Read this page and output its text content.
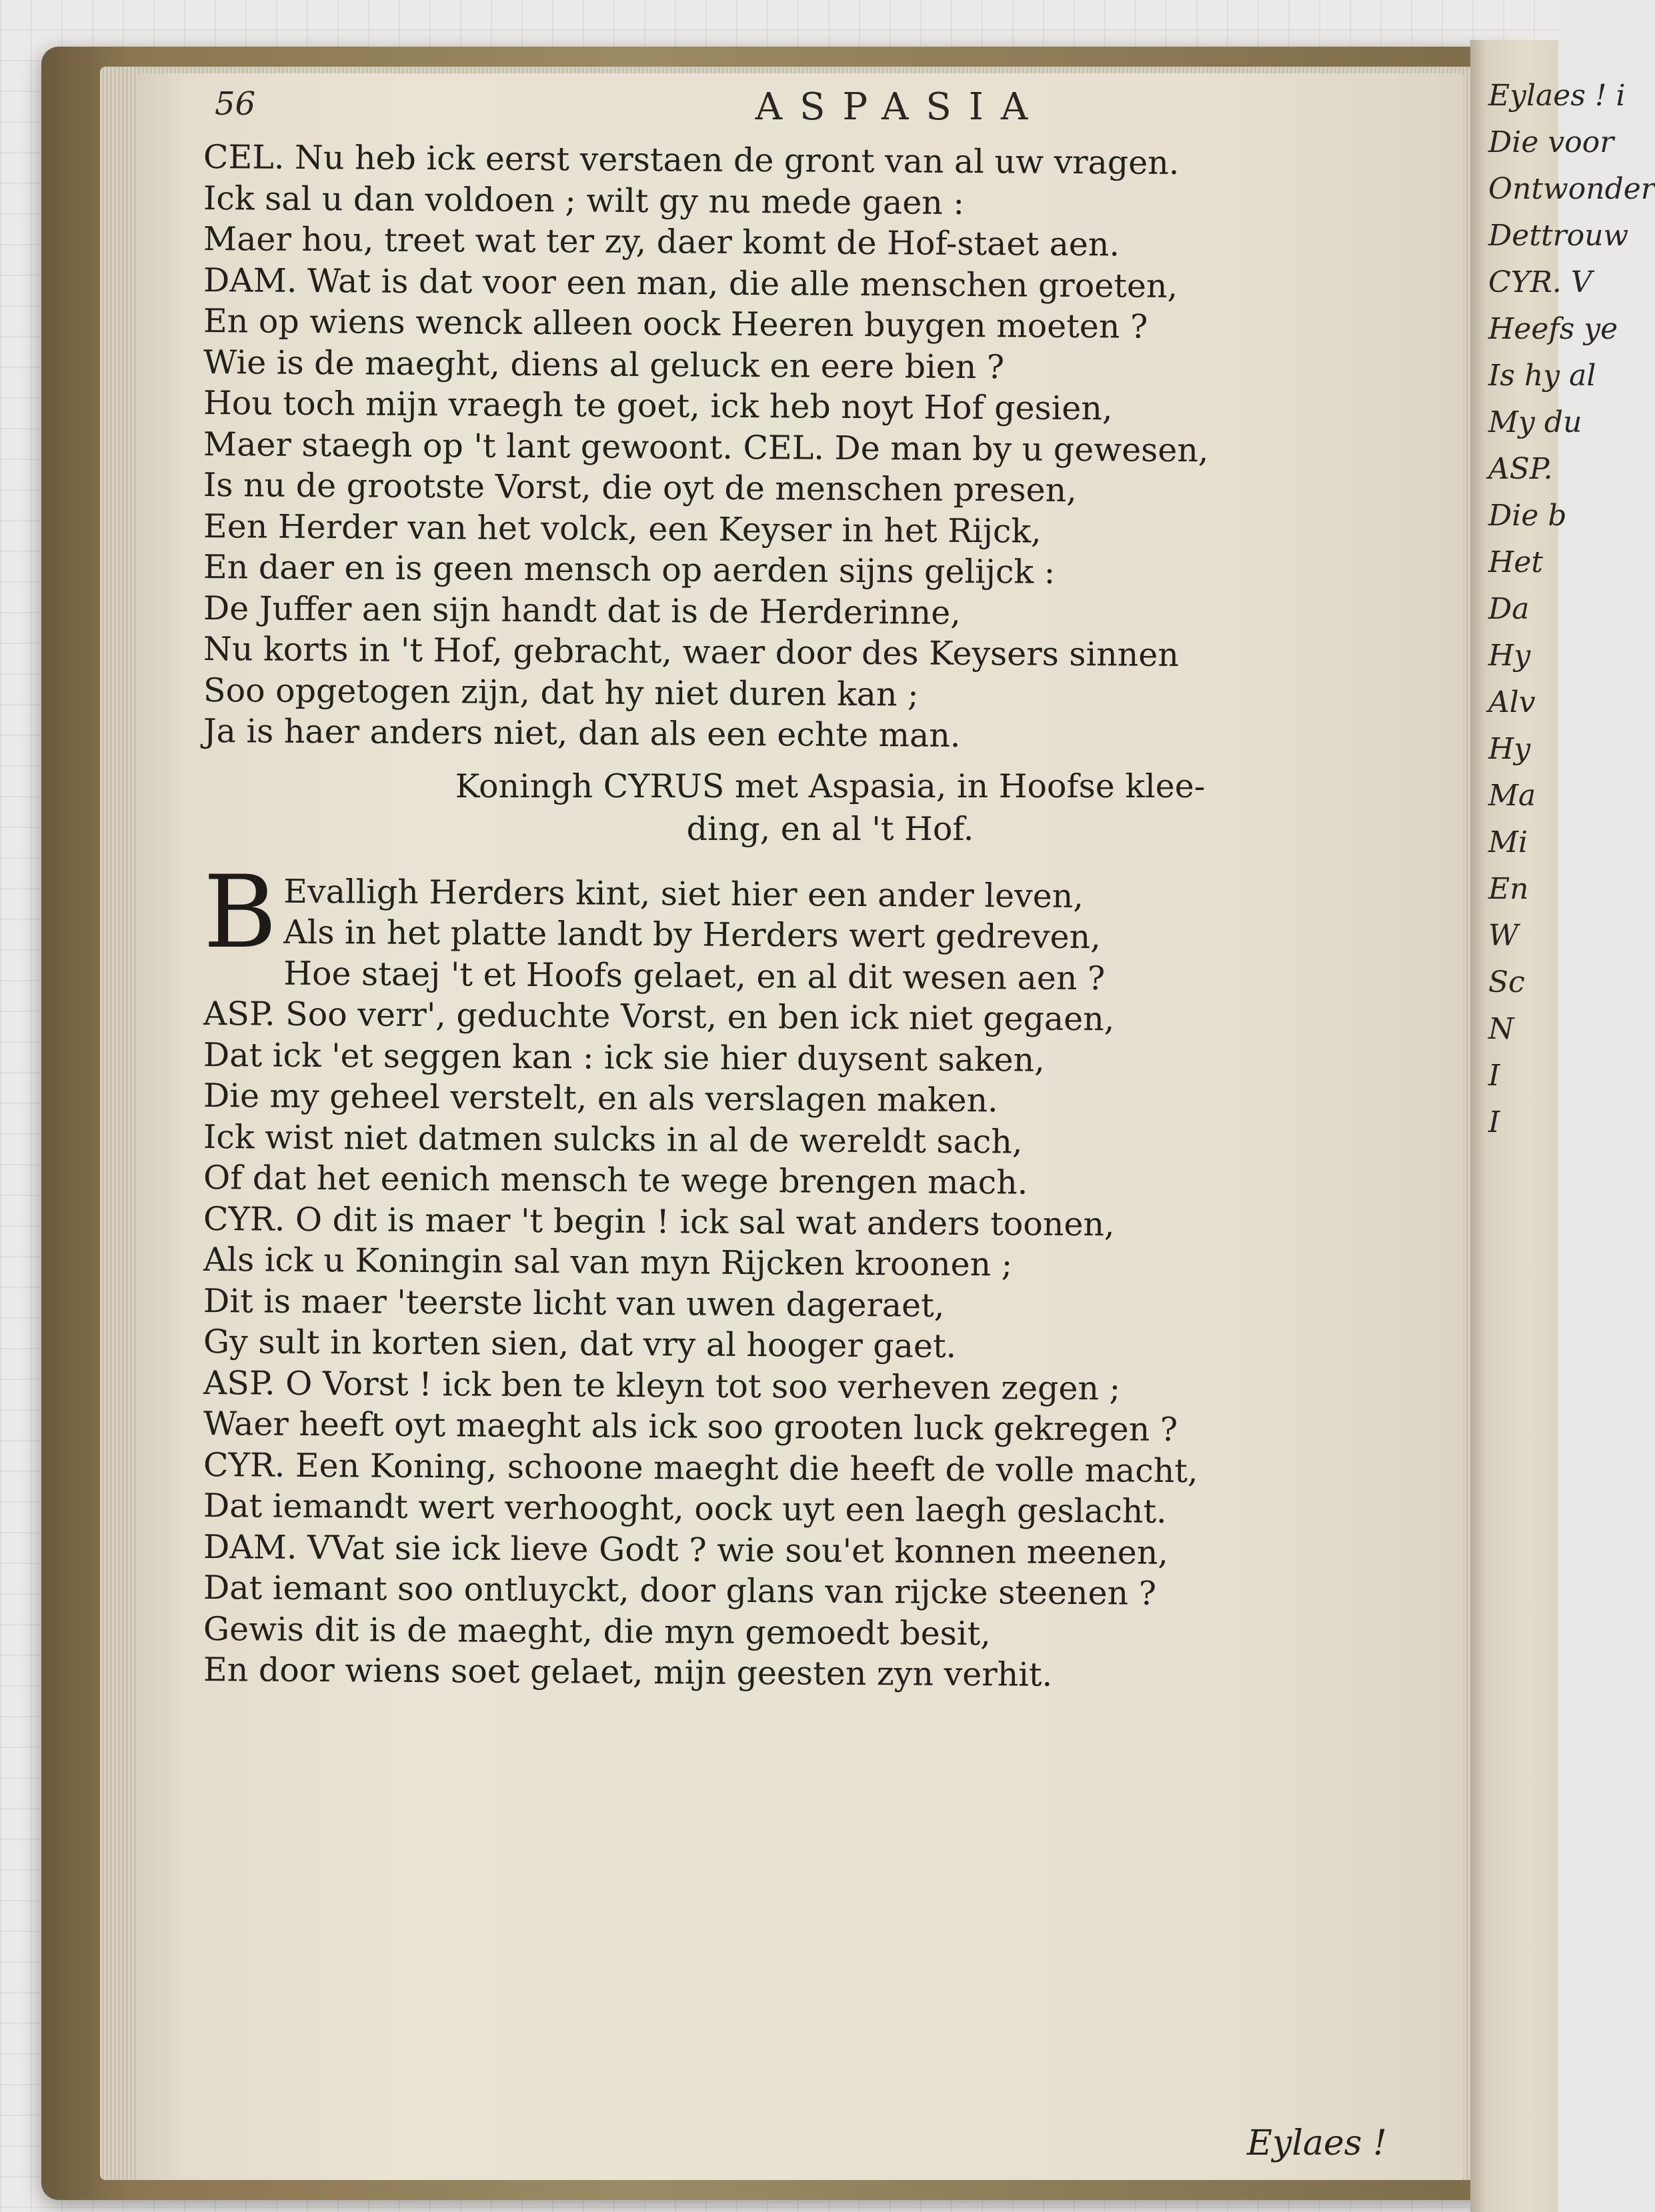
Eylaes ! i
Die voor
Ontwonder
Dettrouw
CYR. V
Heefs ye
Is hy al
My du
ASP.
Die b
Het
Da
Hy
Alv
Hy
Ma
Mi
En
W
Sc
N
I
I
56	ASPASIA
CEL. Nu heb ick eerst verstaen de gront van al uw vragen.
Ick sal u dan voldoen ; wilt gy nu mede gaen :
Maer hou, treet wat ter zy, daer komt de Hof-staet aen.
DAM. Wat is dat voor een man, die alle menschen groeten,
En op wiens wenck alleen oock Heeren buygen moeten ?
Wie is de maeght, diens al geluck en eere bien ?
Hou toch mijn vraegh te goet, ick heb noyt Hof gesien,
Maer staegh op 't lant gewoont. CEL. De man by u gewesen,
Is nu de grootste Vorst, die oyt de menschen presen,
Een Herder van het volck, een Keyser in het Rijck,
En daer en is geen mensch op aerden sijns gelijck :
De Juffer aen sijn handt dat is de Herderinne,
Nu korts in 't Hof, gebracht, waer door des Keysers sinnen
Soo opgetogen zijn, dat hy niet duren kan ;
Ja is haer anders niet, dan als een echte man.
Koningh CYRUS met Aspasia, in Hoofse klee-
ding, en al 't Hof.
B Evalligh Herders kint, siet hier een ander leven,
Als in het platte landt by Herders wert gedreven,
Hoe staej 't et Hoofs gelaet, en al dit wesen aen ?
ASP. Soo verr', geduchte Vorst, en ben ick niet gegaen,
Dat ick 'et seggen kan : ick sie hier duysent saken,
Die my geheel verstelt, en als verslagen maken.
Ick wist niet datmen sulcks in al de wereldt sach,
Of dat het eenich mensch te wege brengen mach.
CYR. O dit is maer 't begin ! ick sal wat anders toonen,
Als ick u Koningin sal van myn Rijcken kroonen ;
Dit is maer 'teerste licht van uwen dageraet,
Gy sult in korten sien, dat vry al hooger gaet.
ASP. O Vorst ! ick ben te kleyn tot soo verheven zegen ;
Waer heeft oyt maeght als ick soo grooten luck gekregen ?
CYR. Een Koning, schoone maeght die heeft de volle macht,
Dat iemandt wert verhooght, oock uyt een laegh geslacht.
DAM. VVat sie ick lieve Godt ? wie sou'et konnen meenen,
Dat iemant soo ontluyckt, door glans van rijcke steenen ?
Gewis dit is de maeght, die myn gemoedt besit,
En door wiens soet gelaet, mijn geesten zyn verhit.
Eylaes !
